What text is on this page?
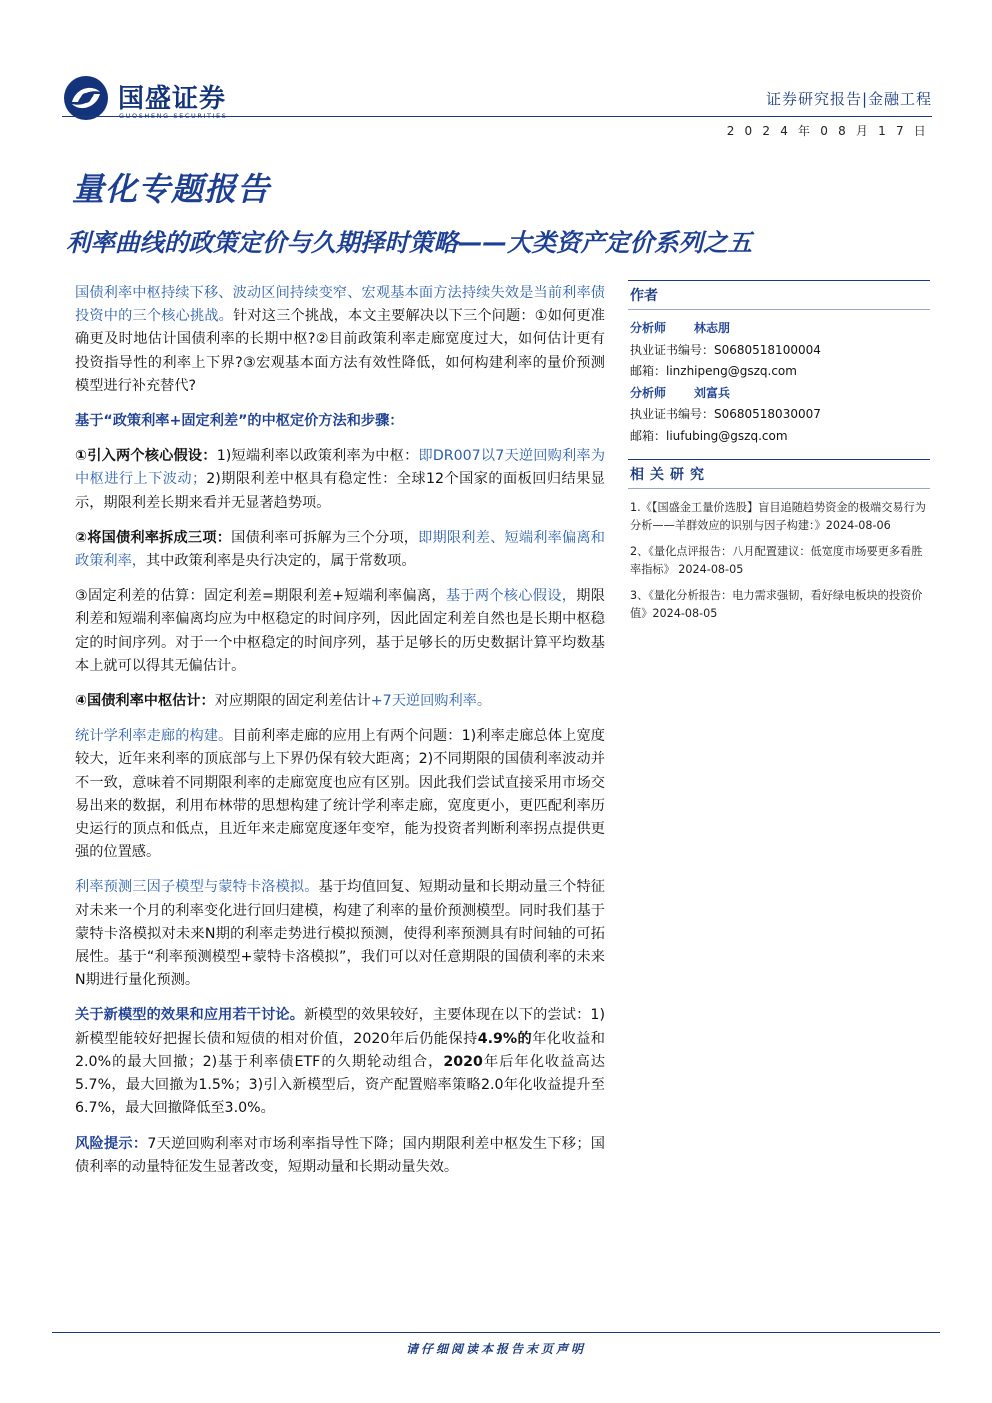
国盛证券
GUOSHENG SECURITIES
证券研究报告|金融工程
2024年08月17日
量化专题报告
利率曲线的政策定价与久期择时策略——大类资产定价系列之五

国债利率中枢持续下移、波动区间持续变窄、宏观基本面方法持续失效是当前利率债投资中的三个核心挑战。针对这三个挑战，本文主要解决以下三个问题：①如何更准确更及时地估计国债利率的长期中枢?②目前政策利率走廊宽度过大，如何估计更有投资指导性的利率上下界?③宏观基本面方法有效性降低，如何构建利率的量价预测模型进行补充替代?

基于“政策利率+固定利差”的中枢定价方法和步骤：

①引入两个核心假设：1)短端利率以政策利率为中枢：即DR007以7天逆回购利率为中枢进行上下波动；2)期限利差中枢具有稳定性：全球12个国家的面板回归结果显示，期限利差长期来看并无显著趋势项。

②将国债利率拆成三项：国债利率可拆解为三个分项，即期限利差、短端利率偏离和政策利率，其中政策利率是央行决定的，属于常数项。

③固定利差的估算：固定利差=期限利差+短端利率偏离，基于两个核心假设，期限利差和短端利率偏离均应为中枢稳定的时间序列，因此固定利差自然也是长期中枢稳定的时间序列。对于一个中枢稳定的时间序列，基于足够长的历史数据计算平均数基本上就可以得其无偏估计。

④国债利率中枢估计：对应期限的固定利差估计+7天逆回购利率。

统计学利率走廊的构建。目前利率走廊的应用上有两个问题：1)利率走廊总体上宽度较大，近年来利率的顶底部与上下界仍保有较大距离；2)不同期限的国债利率波动并不一致，意味着不同期限利率的走廊宽度也应有区别。因此我们尝试直接采用市场交易出来的数据，利用布林带的思想构建了统计学利率走廊，宽度更小，更匹配利率历史运行的顶点和低点，且近年来走廊宽度逐年变窄，能为投资者判断利率拐点提供更强的位置感。

利率预测三因子模型与蒙特卡洛模拟。基于均值回复、短期动量和长期动量三个特征对未来一个月的利率变化进行回归建模，构建了利率的量价预测模型。同时我们基于蒙特卡洛模拟对未来N期的利率走势进行模拟预测，使得利率预测具有时间轴的可拓展性。基于“利率预测模型+蒙特卡洛模拟”，我们可以对任意期限的国债利率的未来N期进行量化预测。

关于新模型的效果和应用若干讨论。新模型的效果较好，主要体现在以下的尝试：1)新模型能较好把握长债和短债的相对价值，2020年后仍能保持4.9%的年化收益和2.0%的最大回撤；2)基于利率债ETF的久期轮动组合，2020年后年化收益高达5.7%，最大回撤为1.5%；3)引入新模型后，资产配置赔率策略2.0年化收益提升至6.7%，最大回撤降低至3.0%。

风险提示：7天逆回购利率对市场利率指导性下降；国内期限利差中枢发生下移；国债利率的动量特征发生显著改变，短期动量和长期动量失效。

作者
分析师 林志朋
执业证书编号：S0680518100004
邮箱：linzhipeng@gszq.com
分析师 刘富兵
执业证书编号：S0680518030007
邮箱：liufubing@gszq.com
相关研究
1.《【国盛金工量价选股】盲目追随趋势资金的极端交易行为分析——羊群效应的识别与因子构建：》2024-08-06
2、《量化点评报告：八月配置建议：低宽度市场要更多看胜率指标》 2024-08-05
3、《量化分析报告：电力需求强韧，看好绿电板块的投资价值》2024-08-05
请仔细阅读本报告末页声明
